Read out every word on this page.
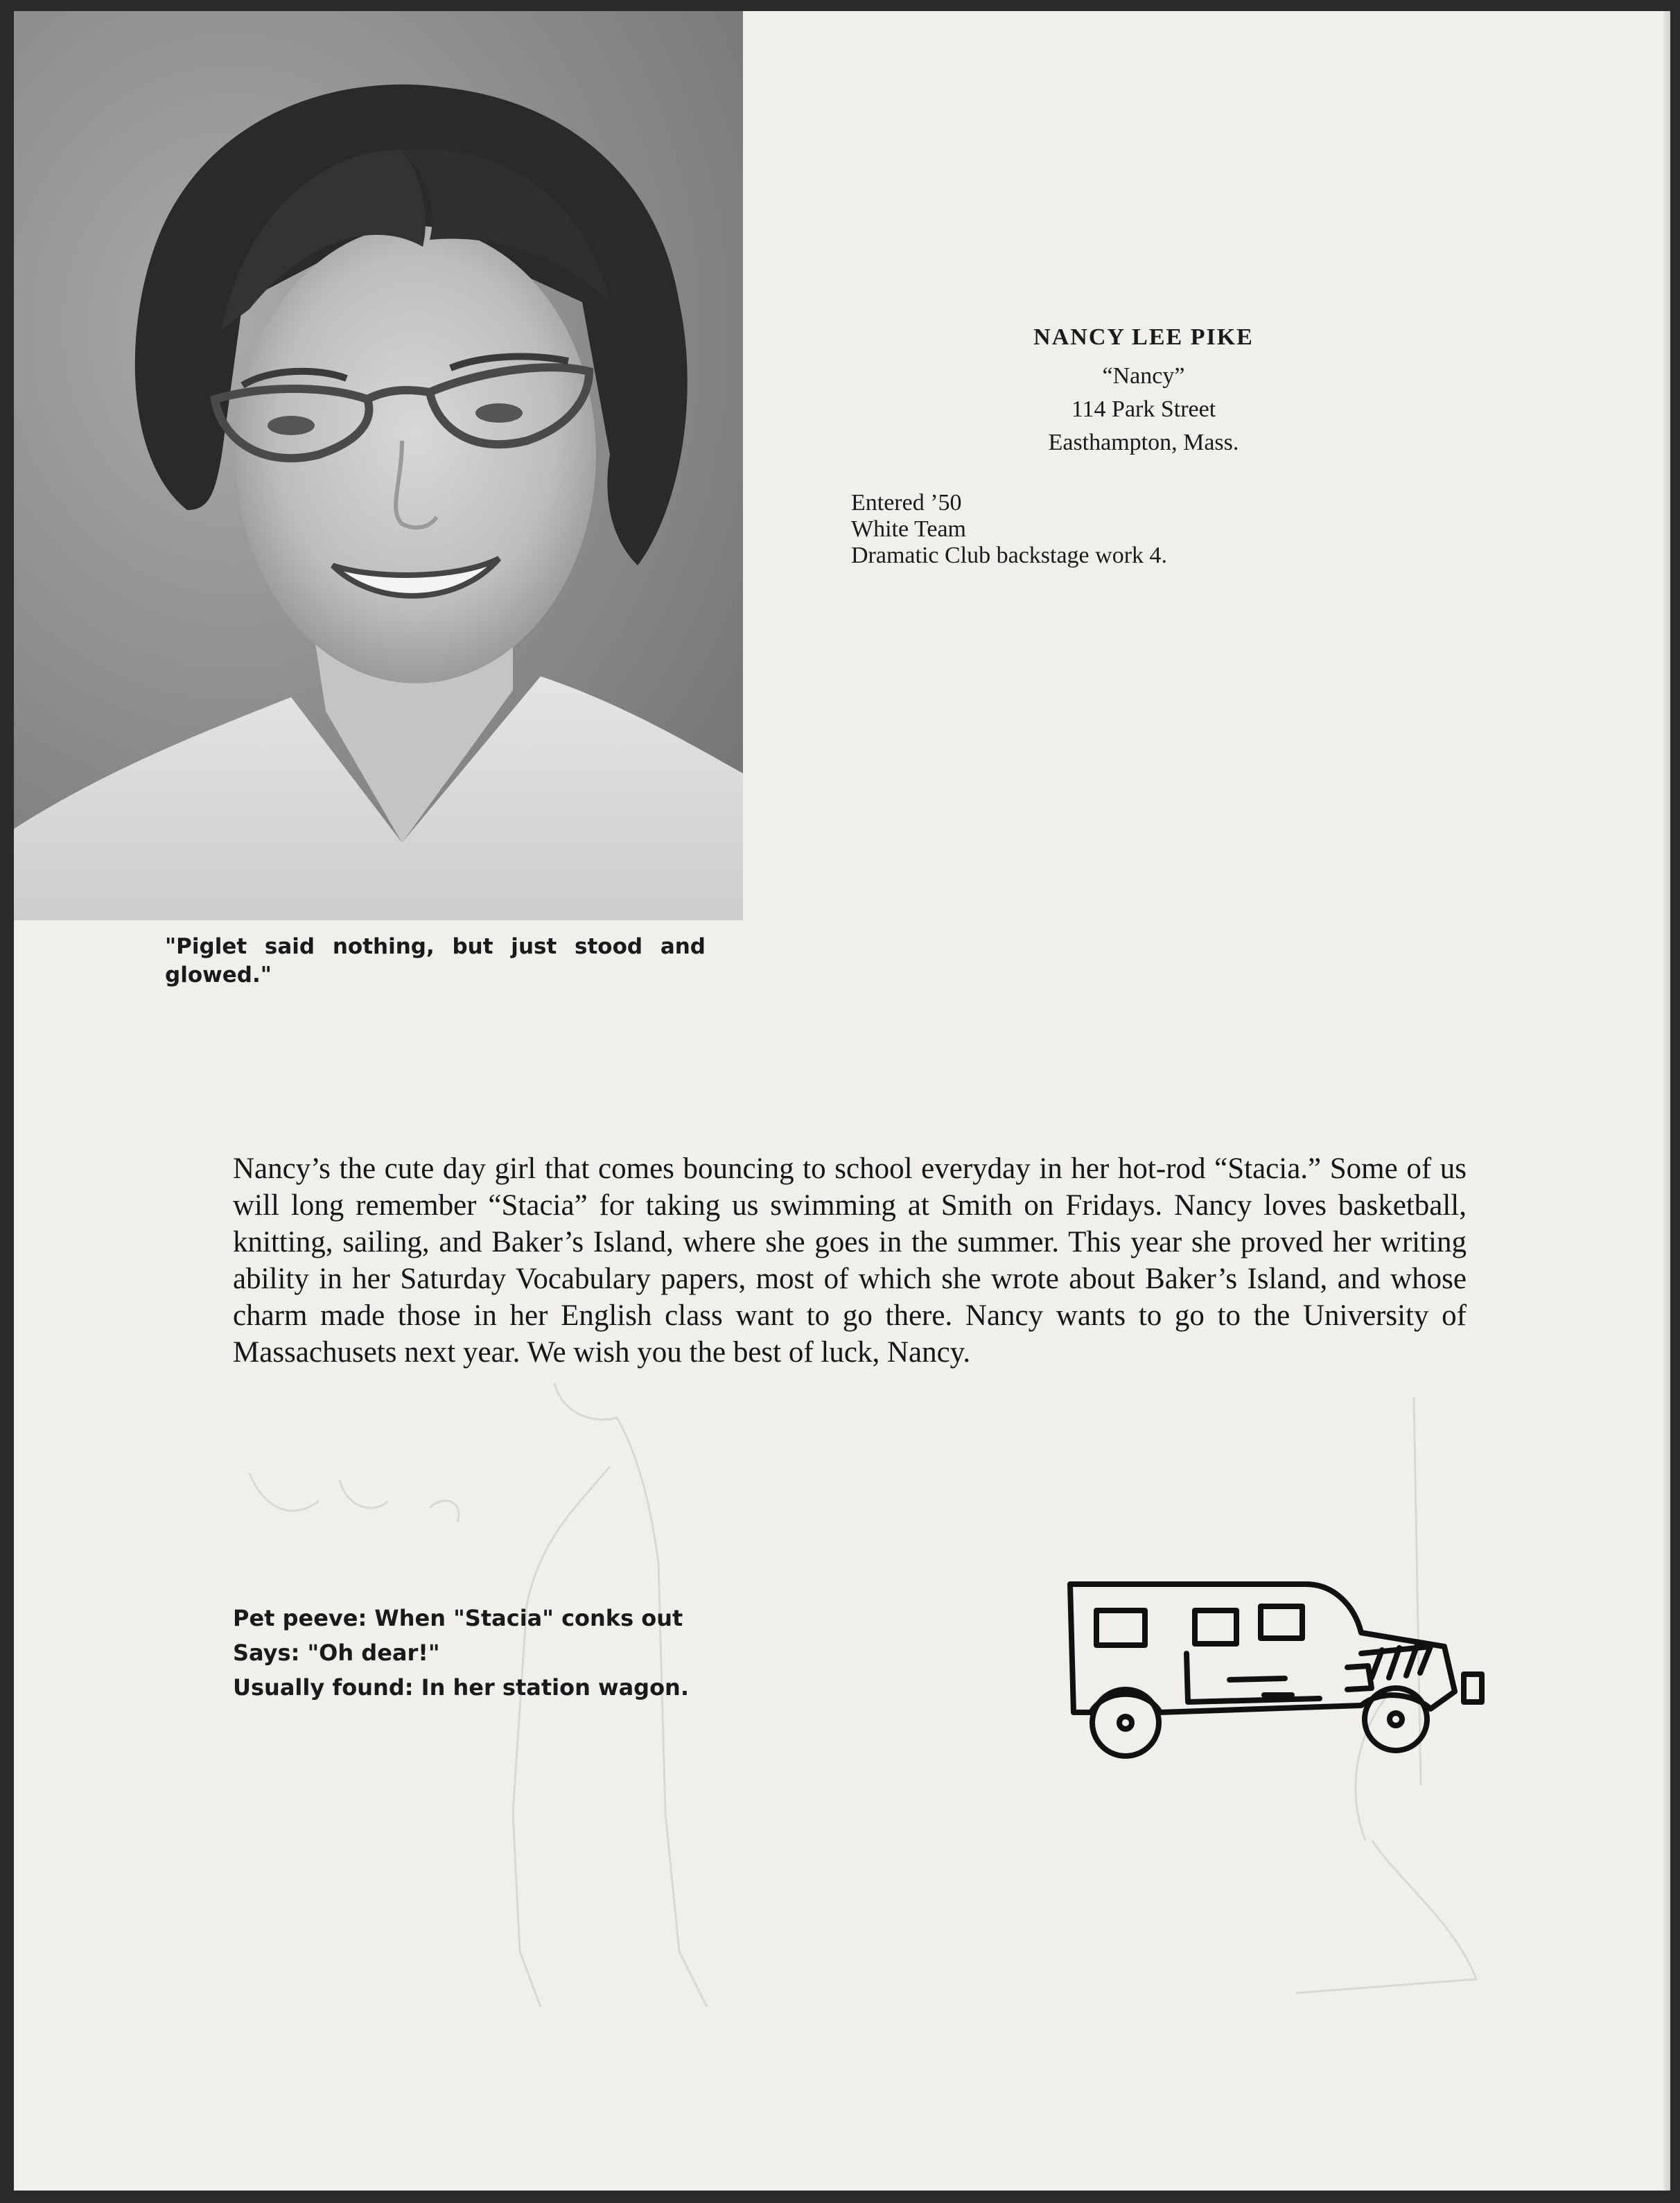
"Piglet said nothing, but just stood and glowed."
NANCY LEE PIKE
“Nancy”
114 Park Street
Easthampton, Mass.
Entered ’50
White Team
Dramatic Club backstage work 4.
Nancy’s the cute day girl that comes bouncing to school everyday in her hot-rod “Stacia.” Some of us will long remember “Stacia” for taking us swimming at Smith on Fridays. Nancy loves basketball, knitting, sailing, and Baker’s Island, where she goes in the summer. This year she proved her writing ability in her Saturday Vocabulary papers, most of which she wrote about Baker’s Island, and whose charm made those in her English class want to go there. Nancy wants to go to the University of Massachusets next year. We wish you the best of luck, Nancy.
Pet peeve: When "Stacia" conks out
Says: "Oh dear!"
Usually found: In her station wagon.
